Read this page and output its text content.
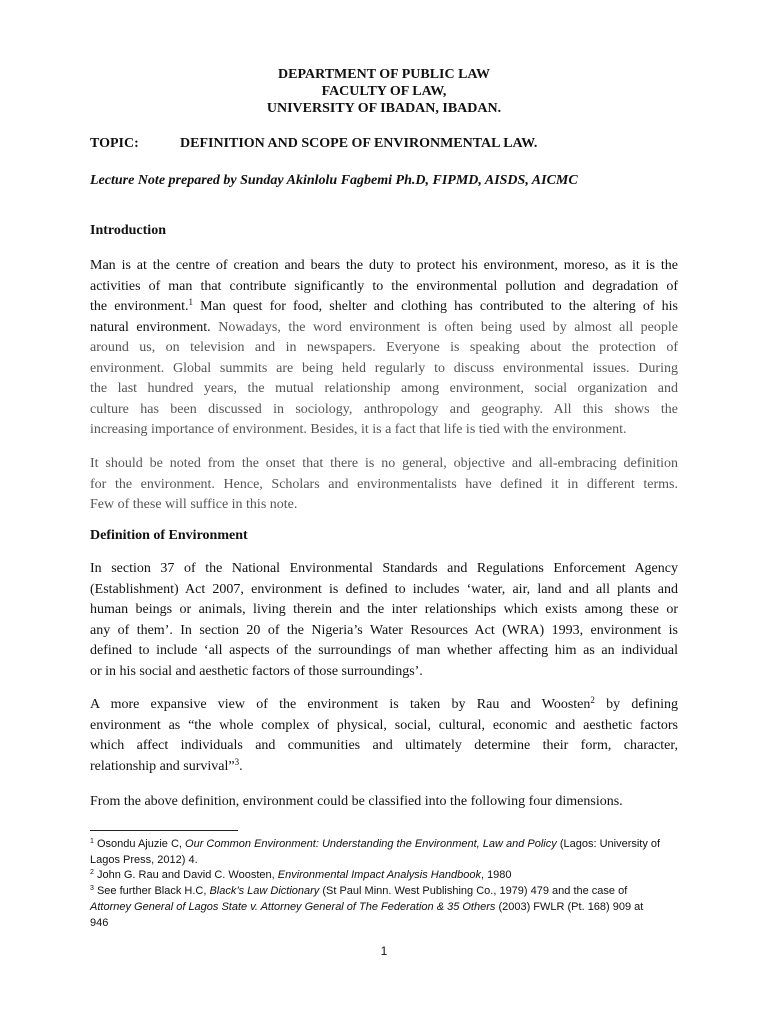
DEPARTMENT OF PUBLIC LAW
FACULTY OF LAW,
UNIVERSITY OF IBADAN, IBADAN.
TOPIC:	DEFINITION AND SCOPE OF ENVIRONMENTAL LAW.
Lecture Note prepared by Sunday Akinlolu Fagbemi Ph.D, FIPMD, AISDS, AICMC
Introduction
Man is at the centre of creation and bears the duty to protect his environment, moreso, as it is the
activities of man that contribute significantly to the environmental pollution and degradation of
the environment.$^1$ Man quest for food, shelter and clothing has contributed to the altering of his
natural environment. Nowadays, the word environment is often being used by almost all people
around us, on television and in newspapers. Everyone is speaking about the protection of
environment. Global summits are being held regularly to discuss environmental issues. During
the last hundred years, the mutual relationship among environment, social organization and
culture has been discussed in sociology, anthropology and geography. All this shows the
increasing importance of environment. Besides, it is a fact that life is tied with the environment.
It should be noted from the onset that there is no general, objective and all-embracing definition
for the environment. Hence, Scholars and environmentalists have defined it in different terms.
Few of these will suffice in this note.
Definition of Environment
In section 37 of the National Environmental Standards and Regulations Enforcement Agency
(Establishment) Act 2007, environment is defined to includes ‘water, air, land and all plants and
human beings or animals, living therein and the inter relationships which exists among these or
any of them’. In section 20 of the Nigeria’s Water Resources Act (WRA) 1993, environment is
defined to include ‘all aspects of the surroundings of man whether affecting him as an individual
or in his social and aesthetic factors of those surroundings’.
A more expansive view of the environment is taken by Rau and Woosten$^2$ by defining
environment as “the whole complex of physical, social, cultural, economic and aesthetic factors
which affect individuals and communities and ultimately determine their form, character,
relationship and survival”$^3$.
From the above definition, environment could be classified into the following four dimensions.
$^1$ Osondu Ajuzie C, Our Common Environment: Understanding the Environment, Law and Policy (Lagos: University of
Lagos Press, 2012) 4.
$^2$ John G. Rau and David C. Woosten, Environmental Impact Analysis Handbook, 1980
$^3$ See further Black H.C, Black’s Law Dictionary (St Paul Minn. West Publishing Co., 1979) 479 and the case of
Attorney General of Lagos State v. Attorney General of The Federation & 35 Others (2003) FWLR (Pt. 168) 909 at
946
1
